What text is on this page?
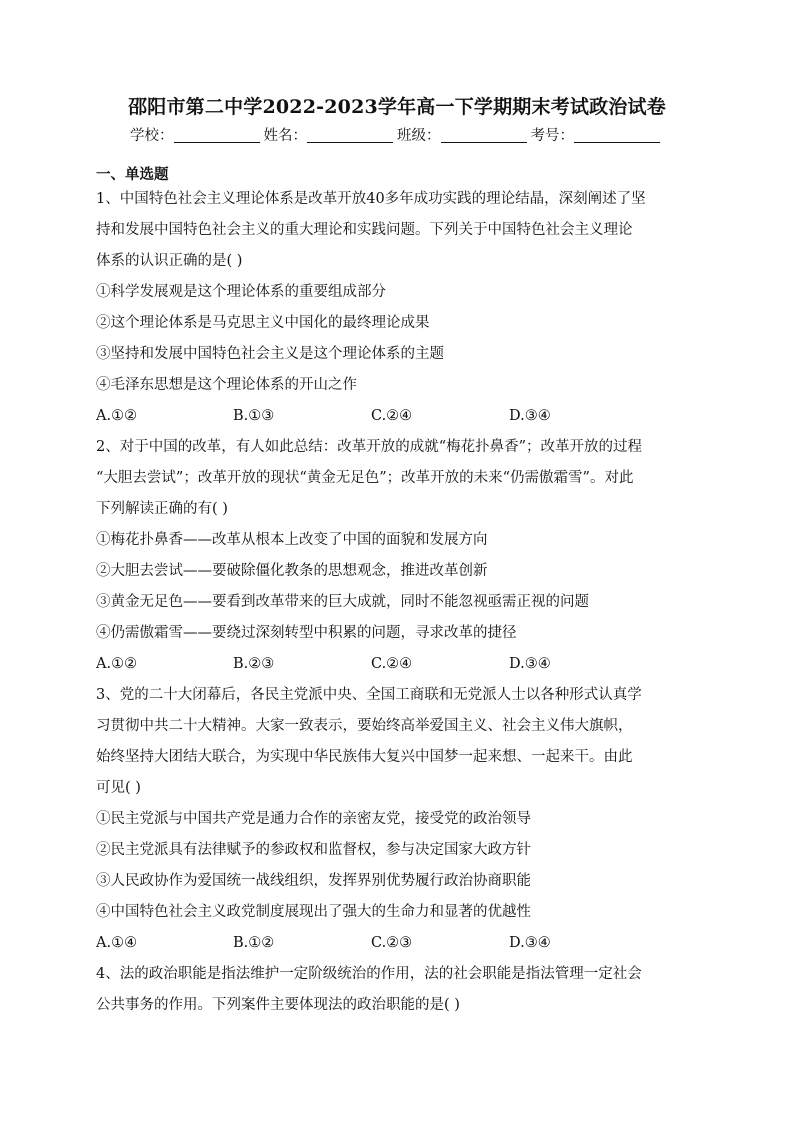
邵阳市第二中学2022-2023学年高一下学期期末考试政治试卷
学校：	姓名：	班级：	考号：
一、单选题
1、中国特色社会主义理论体系是改革开放40多年成功实践的理论结晶，深刻阐述了坚
持和发展中国特色社会主义的重大理论和实践问题。下列关于中国特色社会主义理论
体系的认识正确的是( )
①科学发展观是这个理论体系的重要组成部分
②这个理论体系是马克思主义中国化的最终理论成果
③坚持和发展中国特色社会主义是这个理论体系的主题
④毛泽东思想是这个理论体系的开山之作
A.①②	B.①③	C.②④	D.③④
2、对于中国的改革，有人如此总结：改革开放的成就“梅花扑鼻香”；改革开放的过程
“大胆去尝试”；改革开放的现状“黄金无足色”；改革开放的未来“仍需傲霜雪”。对此
下列解读正确的有( )
①梅花扑鼻香——改革从根本上改变了中国的面貌和发展方向
②大胆去尝试——要破除僵化教条的思想观念，推进改革创新
③黄金无足色——要看到改革带来的巨大成就，同时不能忽视亟需正视的问题
④仍需傲霜雪——要绕过深刻转型中积累的问题，寻求改革的捷径
A.①②	B.②③	C.②④	D.③④
3、党的二十大闭幕后，各民主党派中央、全国工商联和无党派人士以各种形式认真学
习贯彻中共二十大精神。大家一致表示，要始终高举爱国主义、社会主义伟大旗帜，
始终坚持大团结大联合，为实现中华民族伟大复兴中国梦一起来想、一起来干。由此
可见( )
①民主党派与中国共产党是通力合作的亲密友党，接受党的政治领导
②民主党派具有法律赋予的参政权和监督权，参与决定国家大政方针
③人民政协作为爱国统一战线组织，发挥界别优势履行政治协商职能
④中国特色社会主义政党制度展现出了强大的生命力和显著的优越性
A.①④	B.①②	C.②③	D.③④
4、法的政治职能是指法维护一定阶级统治的作用，法的社会职能是指法管理一定社会
公共事务的作用。下列案件主要体现法的政治职能的是( )
